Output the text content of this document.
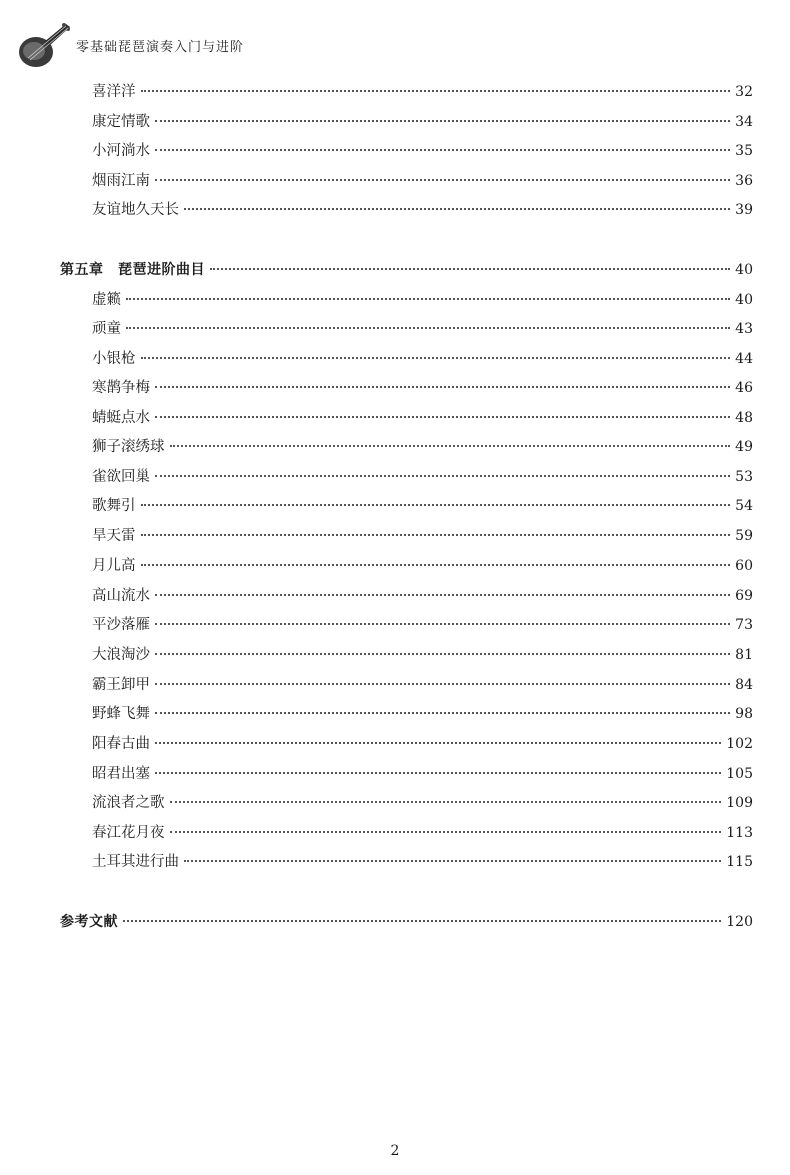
零基础琵琶演奏入门与进阶
喜洋洋	32
康定情歌	34
小河淌水	35
烟雨江南	36
友谊地久天长	39
第五章　琵琶进阶曲目	40
虚籁	40
顽童	43
小银枪	44
寒鹊争梅	46
蜻蜓点水	48
狮子滚绣球	49
雀欲回巢	53
歌舞引	54
旱天雷	59
月儿高	60
高山流水	69
平沙落雁	73
大浪淘沙	81
霸王卸甲	84
野蜂飞舞	98
阳春古曲	102
昭君出塞	105
流浪者之歌	109
春江花月夜	113
土耳其进行曲	115
参考文献	120
2
